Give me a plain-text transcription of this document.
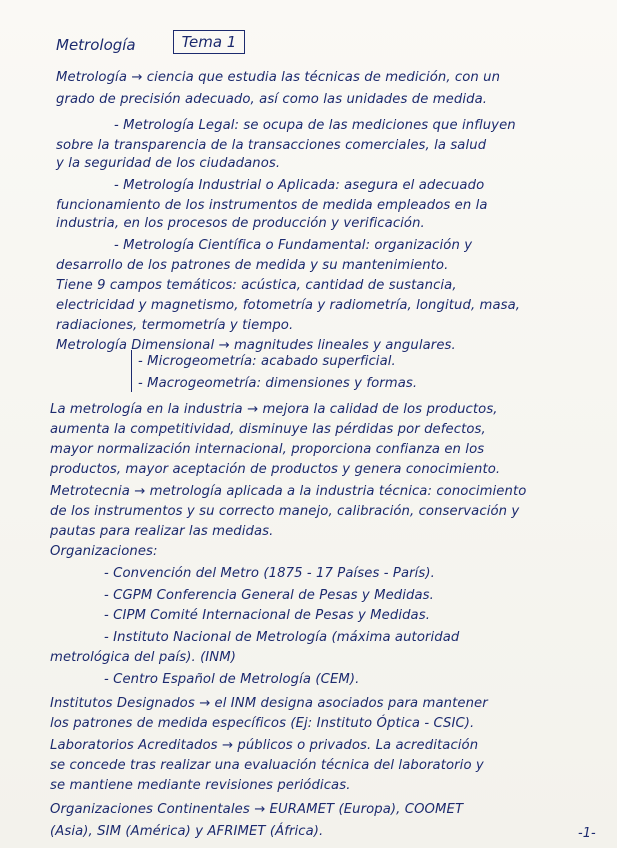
Metrología	Tema 1
Metrología → ciencia que estudia las técnicas de medición, con un
grado de precisión adecuado, así como las unidades de medida.
- Metrología Legal: se ocupa de las mediciones que influyen
sobre la transparencia de la transacciones comerciales, la salud
y la seguridad de los ciudadanos.
- Metrología Industrial o Aplicada: asegura el adecuado
funcionamiento de los instrumentos de medida empleados en la
industria, en los procesos de producción y verificación.
- Metrología Científica o Fundamental: organización y
desarrollo de los patrones de medida y su mantenimiento.
Tiene 9 campos temáticos: acústica, cantidad de sustancia,
electricidad y magnetismo, fotometría y radiometría, longitud, masa,
radiaciones, termometría y tiempo.
Metrología Dimensional → magnitudes lineales y angulares.
- Microgeometría: acabado superficial.
- Macrogeometría: dimensiones y formas.
La metrología en la industria → mejora la calidad de los productos,
aumenta la competitividad, disminuye las pérdidas por defectos,
mayor normalización internacional, proporciona confianza en los
productos, mayor aceptación de productos y genera conocimiento.
Metrotecnia → metrología aplicada a la industria técnica: conocimiento
de los instrumentos y su correcto manejo, calibración, conservación y
pautas para realizar las medidas.
Organizaciones:
- Convención del Metro (1875 - 17 Países - París).
- CGPM Conferencia General de Pesas y Medidas.
- CIPM Comité Internacional de Pesas y Medidas.
- Instituto Nacional de Metrología (máxima autoridad
metrológica del país). (INM)
- Centro Español de Metrología (CEM).
Institutos Designados → el INM designa asociados para mantener
los patrones de medida específicos (Ej: Instituto Óptica - CSIC).
Laboratorios Acreditados → públicos o privados. La acreditación
se concede tras realizar una evaluación técnica del laboratorio y
se mantiene mediante revisiones periódicas.
Organizaciones Continentales → EURAMET (Europa), COOMET
(Asia), SIM (América) y AFRIMET (África).	-1-
